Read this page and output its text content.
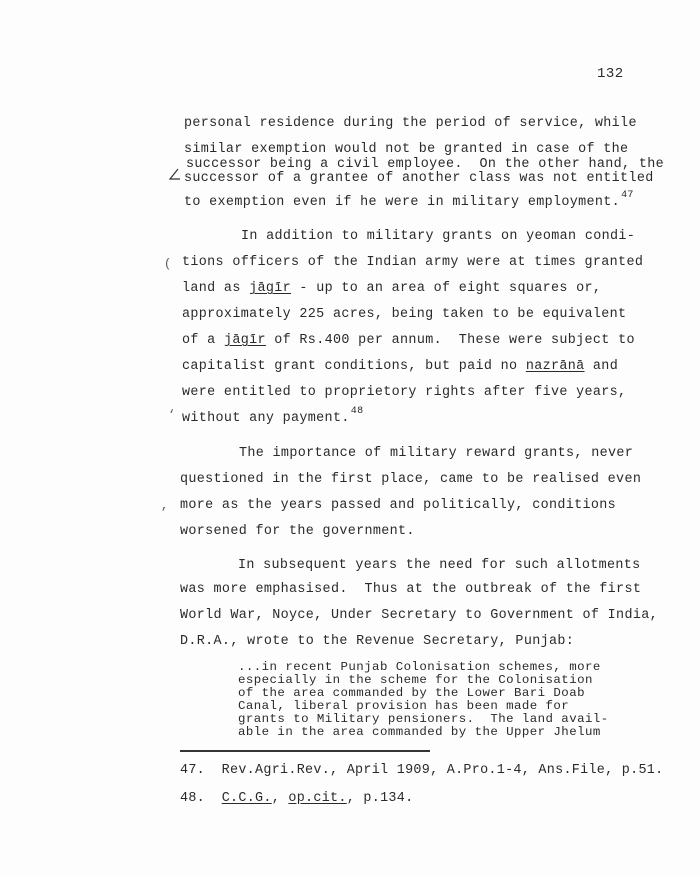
132
personal residence during the period of service, while
similar exemption would not be granted in case of the
successor being a civil employee.  On the other hand, the
successor of a grantee of another class was not entitled
to exemption even if he were in military employment.$^{47}$
In addition to military grants on yeoman condi-
( tions officers of the Indian army were at times granted
land as jāgīr - up to an area of eight squares or,
approximately 225 acres, being taken to be equivalent
of a jāgīr of Rs.400 per annum.  These were subject to
capitalist grant conditions, but paid no nazrānā and
were entitled to proprietory rights after five years,
‘ without any payment.$^{48}$
The importance of military reward grants, never
questioned in the first place, came to be realised even
, more as the years passed and politically, conditions
worsened for the government.
In subsequent years the need for such allotments
was more emphasised.  Thus at the outbreak of the first
World War, Noyce, Under Secretary to Government of India,
D.R.A., wrote to the Revenue Secretary, Punjab:
...in recent Punjab Colonisation schemes, more
especially in the scheme for the Colonisation
of the area commanded by the Lower Bari Doab
Canal, liberal provision has been made for
grants to Military pensioners.  The land avail-
able in the area commanded by the Upper Jhelum
47.  Rev.Agri.Rev., April 1909, A.Pro.1-4, Ans.File, p.51.
48.  C.C.G., op.cit., p.134.
